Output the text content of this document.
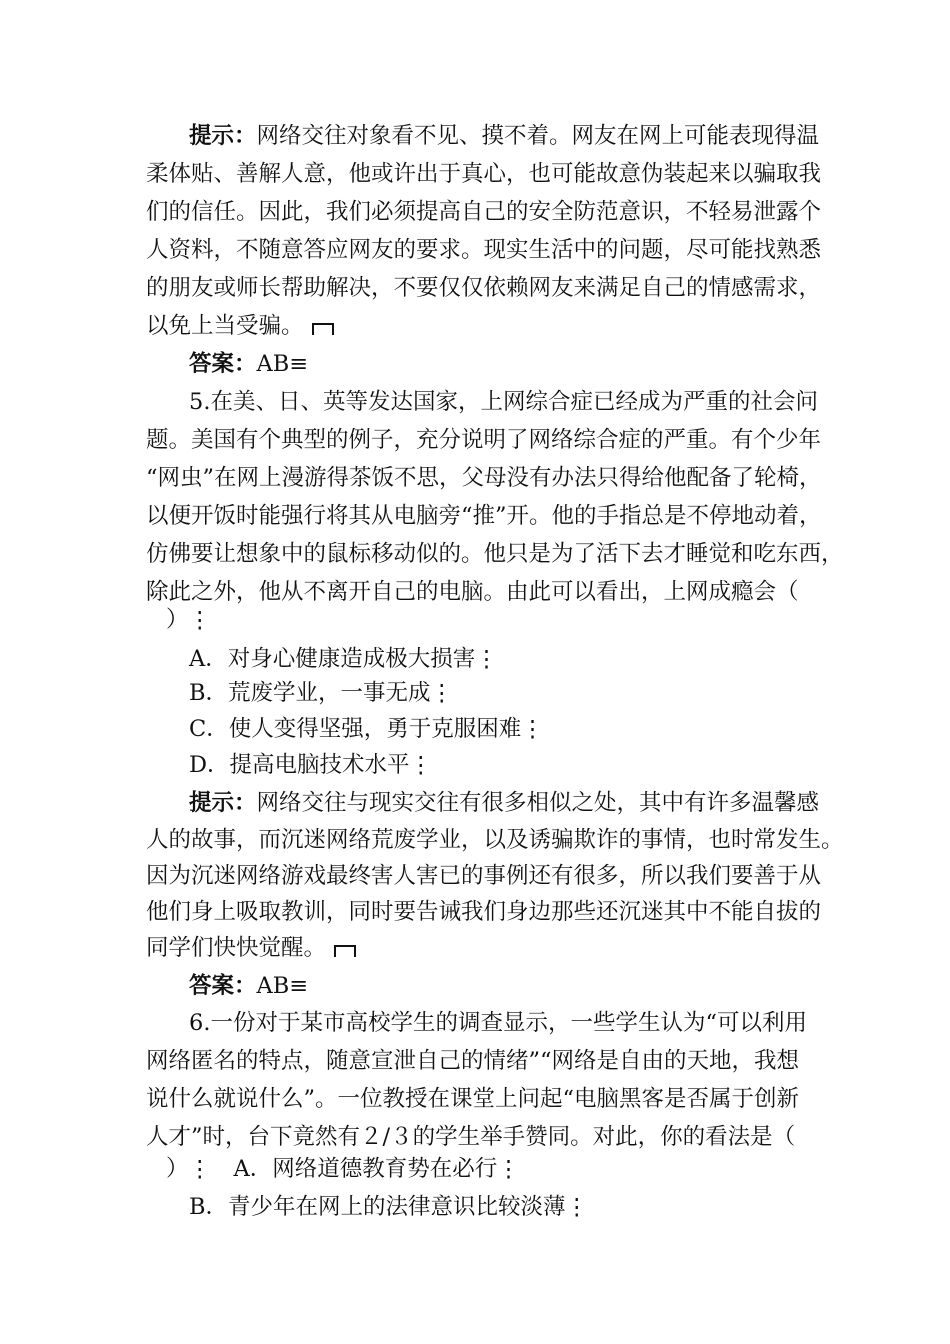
提示：网络交往对象看不见、摸不着。网友在网上可能表现得温
柔体贴、善解人意，他或许出于真心，也可能故意伪装起来以骗取我
们的信任。因此，我们必须提高自己的安全防范意识，不轻易泄露个
人资料，不随意答应网友的要求。现实生活中的问题，尽可能找熟悉
的朋友或师长帮助解决，不要仅仅依赖网友来满足自己的情感需求，
以免上当受骗。
答案：AB≡
5.在美、日、英等发达国家，上网综合症已经成为严重的社会问
题。美国有个典型的例子，充分说明了网络综合症的严重。有个少年
“网虫”在网上漫游得茶饭不思，父母没有办法只得给他配备了轮椅，
以便开饭时能强行将其从电脑旁“推”开。他的手指总是不停地动着，
仿佛要让想象中的鼠标移动似的。他只是为了活下去才睡觉和吃东西，
除此之外，他从不离开自己的电脑。由此可以看出，上网成瘾会（
）⋮
A．对身心健康造成极大损害⋮
B．荒废学业，一事无成⋮
C．使人变得坚强，勇于克服困难⋮
D．提高电脑技术水平⋮
提示：网络交往与现实交往有很多相似之处，其中有许多温馨感
人的故事，而沉迷网络荒废学业，以及诱骗欺诈的事情，也时常发生。
因为沉迷网络游戏最终害人害已的事例还有很多，所以我们要善于从
他们身上吸取教训，同时要告诫我们身边那些还沉迷其中不能自拔的
同学们快快觉醒。
答案：AB≡
6.一份对于某市高校学生的调查显示，一些学生认为“可以利用
网络匿名的特点，随意宣泄自己的情绪”“网络是自由的天地，我想
说什么就说什么”。一位教授在课堂上问起“电脑黑客是否属于创新
人才”时，台下竟然有２/３的学生举手赞同。对此，你的看法是（
）⋮　A．网络道德教育势在必行⋮
B．青少年在网上的法律意识比较淡薄⋮
